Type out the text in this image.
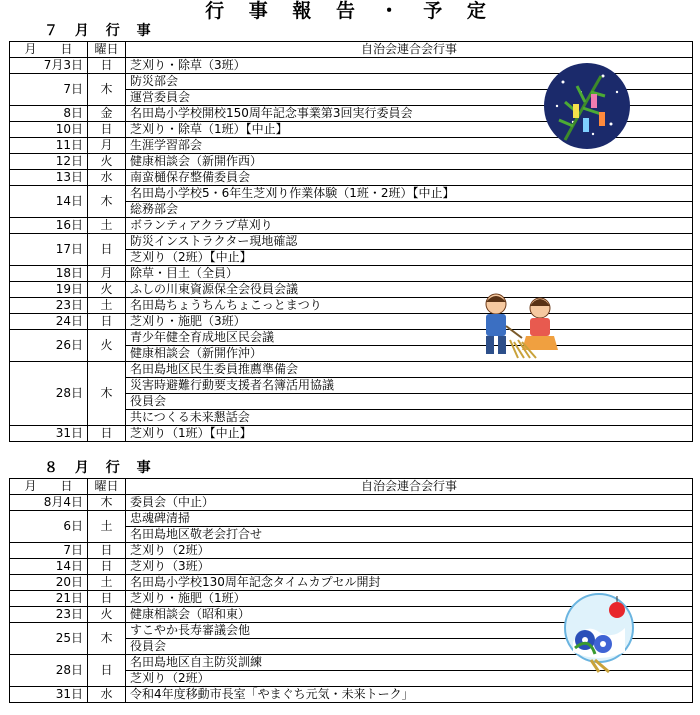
行 事 報 告 ・ 予 定
７ 月 行 事
月　　日	曜日	自治会連合会行事
7月3日	日	芝刈り・除草（3班）
7日	木	防災部会
		運営委員会
8日	金	名田島小学校開校150周年記念事業第3回実行委員会
10日	日	芝刈り・除草（1班）【中止】
11日	月	生涯学習部会
12日	火	健康相談会（新開作西）
13日	水	南蛮樋保存整備委員会
14日	木	名田島小学校5・6年生芝刈り作業体験（1班・2班）【中止】
		総務部会
16日	土	ボランティアクラブ草刈り
17日	日	防災インストラクター現地確認
		芝刈り（2班）【中止】
18日	月	除草・目土（全員）
19日	火	ふしの川東資源保全会役員会議
23日	土	名田島ちょうちんちょこっとまつり
24日	日	芝刈り・施肥（3班）
26日	火	青少年健全育成地区民会議
		健康相談会（新開作沖）
28日	木	名田島地区民生委員推薦準備会
		災害時避難行動要支援者名簿活用協議
		役員会
		共につくる未来懇話会
31日	日	芝刈り（1班）【中止】
８ 月 行 事
月　　日	曜日	自治会連合会行事
8月4日	木	委員会（中止）
6日	土	忠魂碑清掃
		名田島地区敬老会打合せ
7日	日	芝刈り（2班）
14日	日	芝刈り（3班）
20日	土	名田島小学校130周年記念タイムカプセル開封
21日	日	芝刈り・施肥（1班）
23日	火	健康相談会（昭和東）
25日	木	すこやか長寿審議会他
		役員会
28日	日	名田島地区自主防災訓練
		芝刈り（2班）
31日	水	令和4年度移動市長室「やまぐち元気・未来トーク」
